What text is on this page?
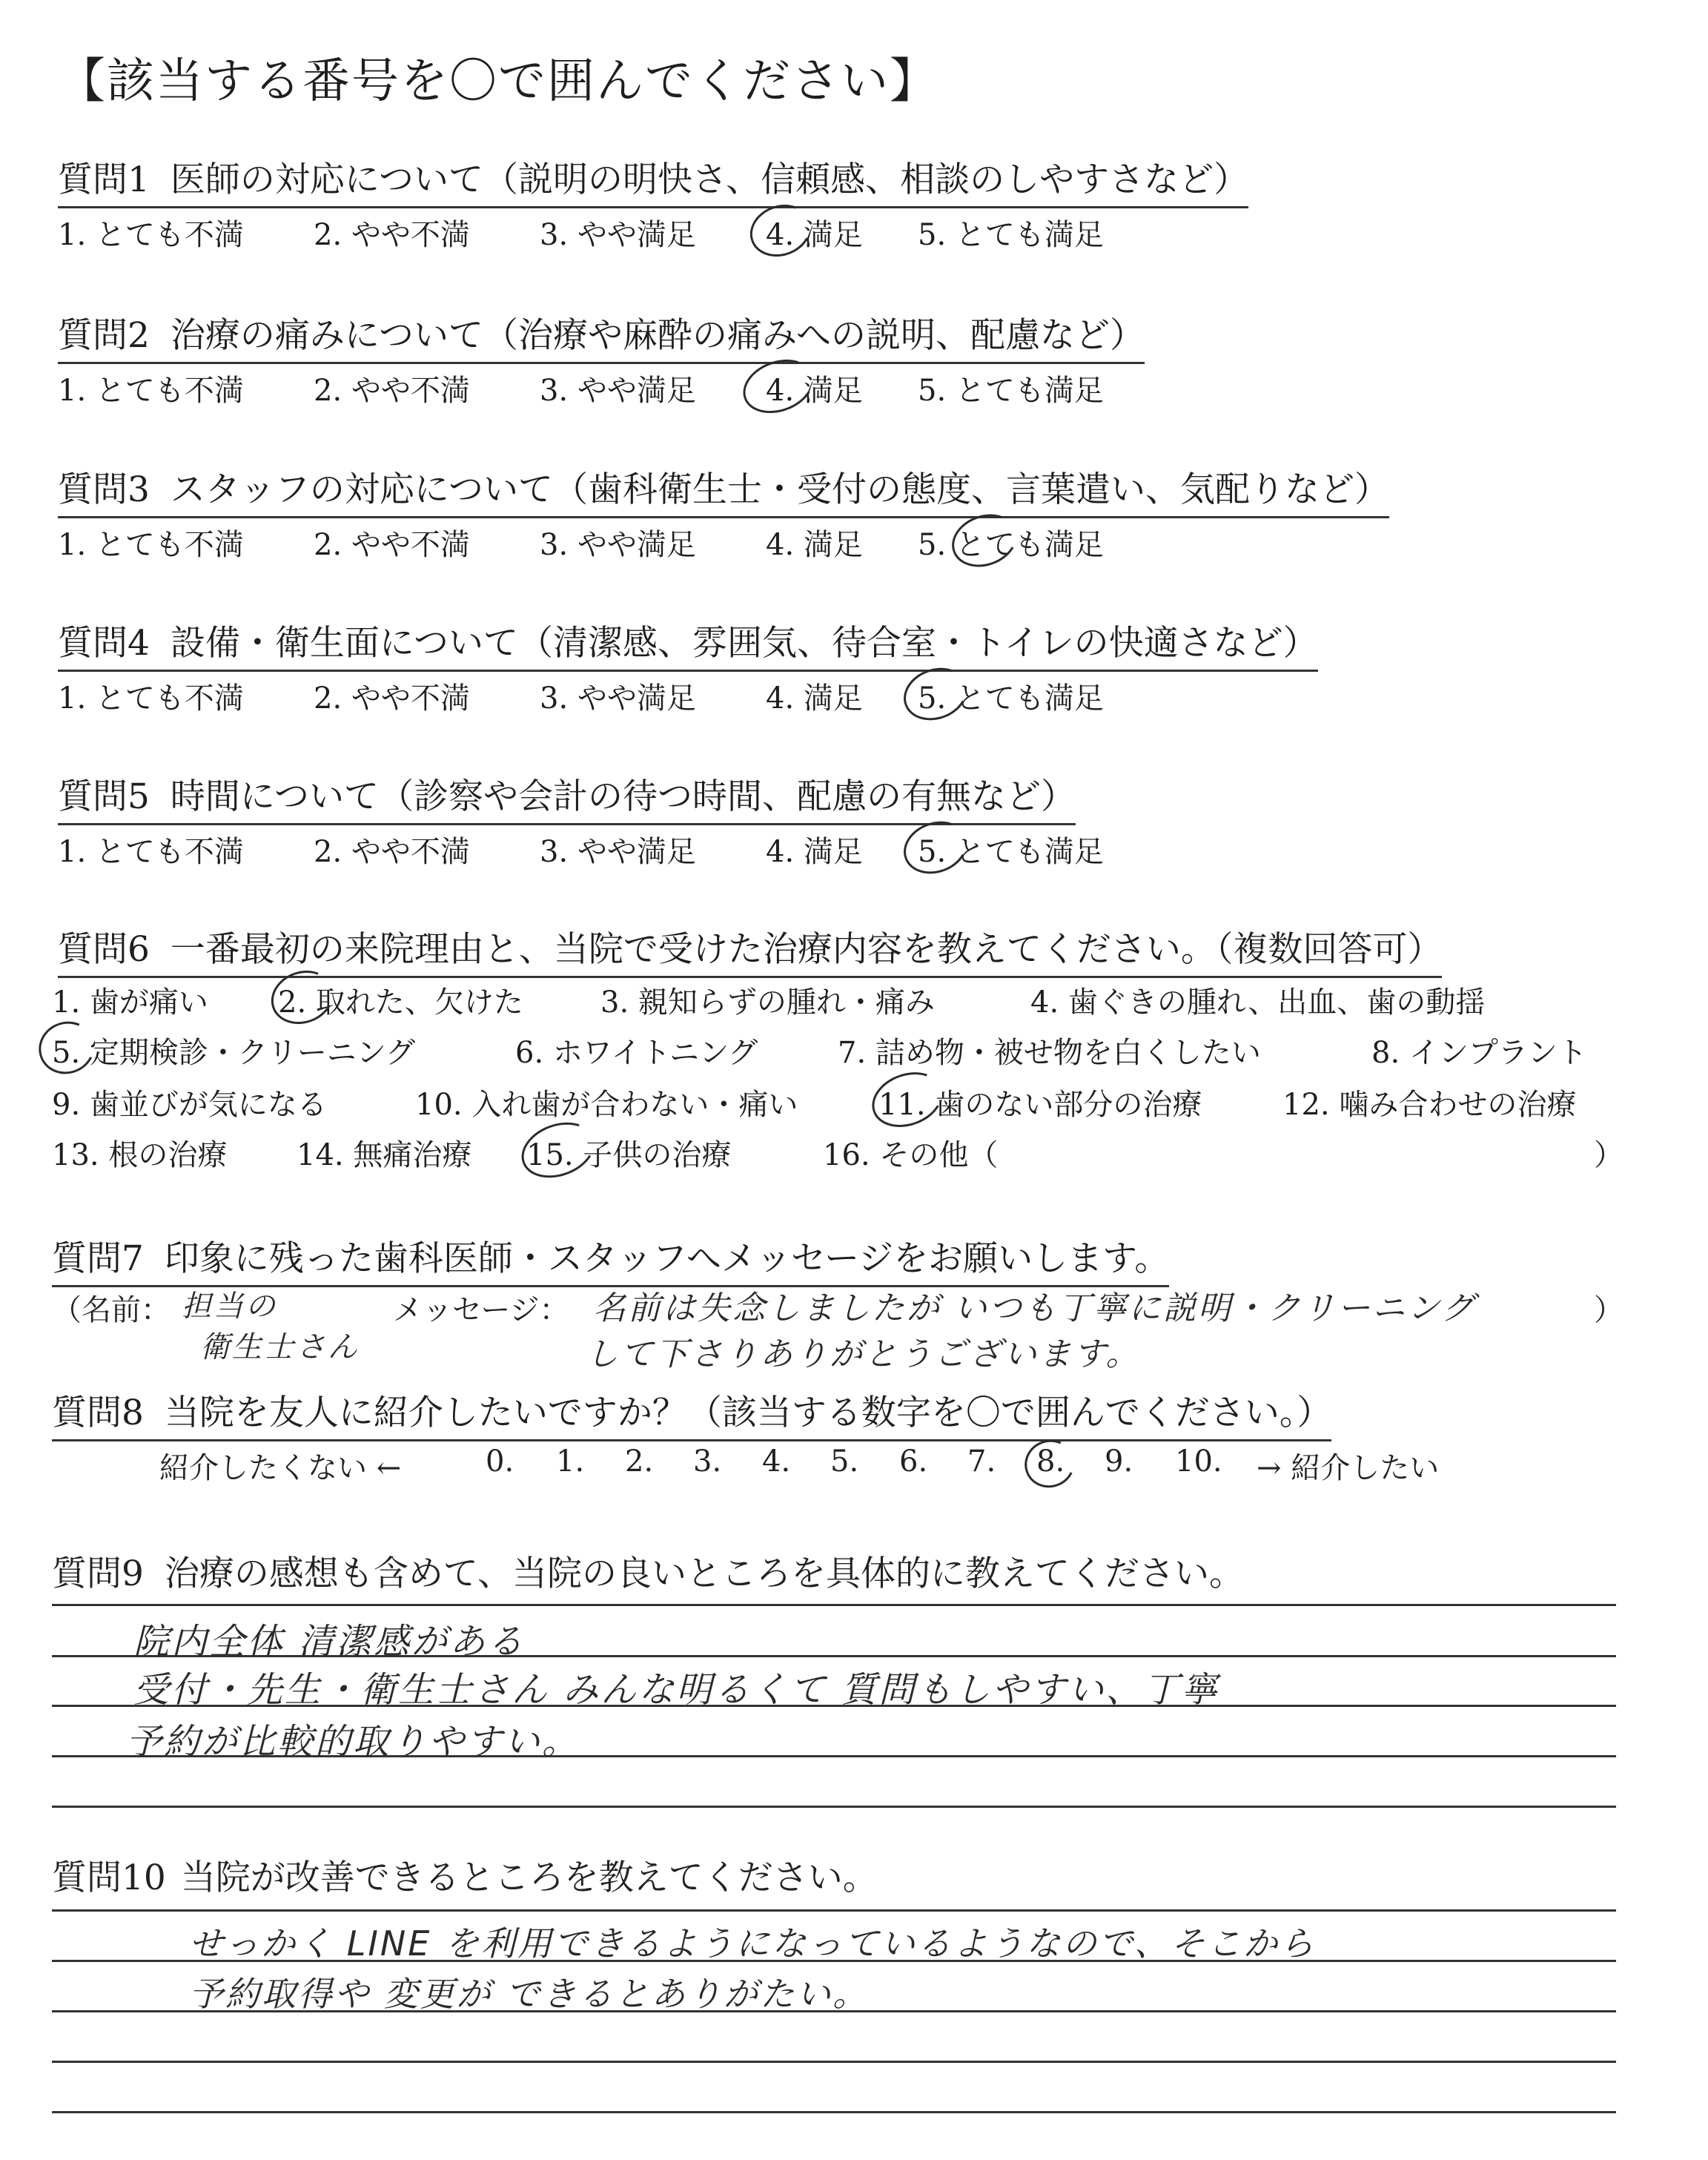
【該当する番号を〇で囲んでください】
質問1 医師の対応について（説明の明快さ、信頼感、相談のしやすさなど）
1. とても不満 2. やや不満 3. やや満足 4. 満足 5. とても満足
質問2 治療の痛みについて（治療や麻酔の痛みへの説明、配慮など）
1. とても不満 2. やや不満 3. やや満足 4. 満足 5. とても満足
質問3 スタッフの対応について（歯科衛生士・受付の態度、言葉遣い、気配りなど）
1. とても不満 2. やや不満 3. やや満足 4. 満足 5. とても満足
質問4 設備・衛生面について（清潔感、雰囲気、待合室・トイレの快適さなど）
1. とても不満 2. やや不満 3. やや満足 4. 満足 5. とても満足
質問5 時間について（診察や会計の待つ時間、配慮の有無など）
1. とても不満 2. やや不満 3. やや満足 4. 満足 5. とても満足
質問6 一番最初の来院理由と、当院で受けた治療内容を教えてください。（複数回答可）
1. 歯が痛い 2. 取れた、欠けた	3. 親知らずの腫れ・痛み	4. 歯ぐきの腫れ、出血、歯の動揺
5. 定期検診・クリーニング	6. ホワイトニング	7. 詰め物・被せ物を白くしたい	8. インプラント
9. 歯並びが気になる	10. 入れ歯が合わない・痛い	11. 歯のない部分の治療	12. 噛み合わせの治療
13. 根の治療 14. 無痛治療 15. 子供の治療	16. その他（	）
質問7 印象に残った歯科医師・スタッフへメッセージをお願いします。
（名前： 担当の
衛生士さん
メッセージ： 名前は失念しましたが いつも丁寧に説明・クリーニング
して下さりありがとうございます。
）
質問8 当院を友人に紹介したいですか？（該当する数字を〇で囲んでください。）
紹介したくない ←	0. 1. 2. 3. 4. 5. 6. 7. 8. 9. 10. → 紹介したい
質問9 治療の感想も含めて、当院の良いところを具体的に教えてください。
院内全体 清潔感がある
受付・先生・衛生士さん みんな明るくて 質問もしやすい、丁寧
予約が比較的取りやすい。
質問10 当院が改善できるところを教えてください。
せっかく LINE を利用できるようになっているようなので、そこから
予約取得や 変更が できるとありがたい。
